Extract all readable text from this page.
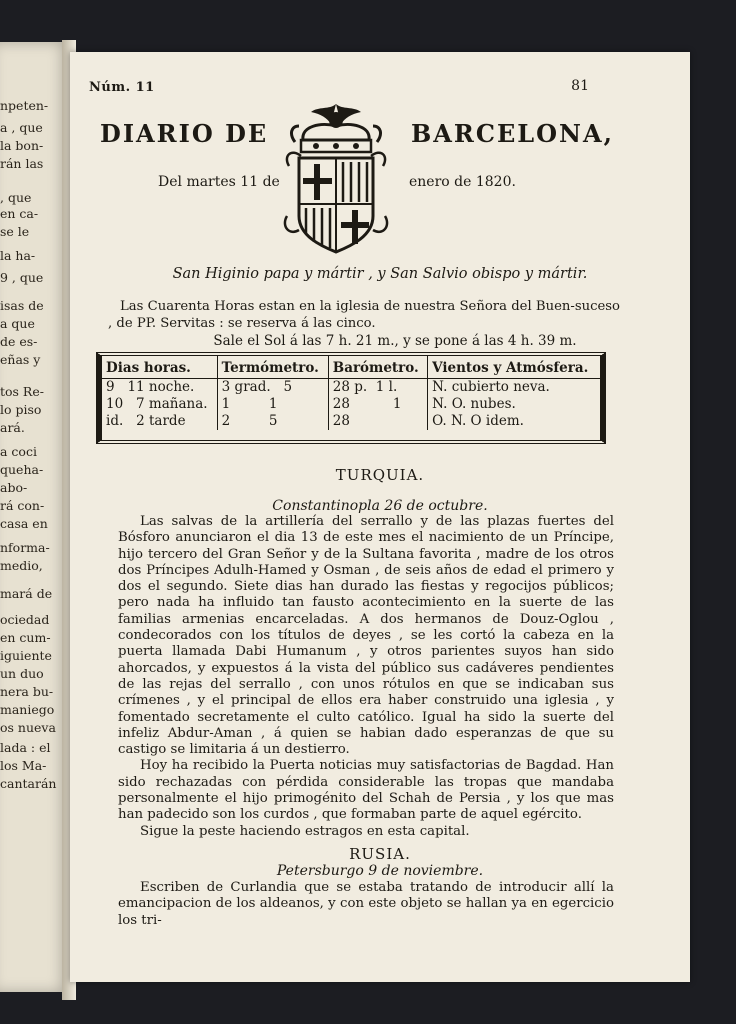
npeten-
a , que
la bon-
rán las
, que
en ca-
se le
la ha-
9 , que
isas de
a que
de es-
eñas y
tos Re-
lo piso
ará.
a coci
queha-
abo-
rá con-
casa en
nforma-
medio,
mará de
ociedad
en cum-
iguiente
un duo
nera bu-
maniego
os nueva
lada : el
los Ma-
cantarán
Núm. 11	81
DIARIO DE	BARCELONA,
Del martes 11 de	enero de 1820.
San Higinio papa y mártir , y San Salvio obispo y mártir.
Las Cuarenta Horas estan en la iglesia de nuestra Señora del Buen-suceso , de PP. Servitas : se reserva á las cinco.
Sale el Sol á las 7 h. 21 m., y se pone á las 4 h. 39 m.
Dias horas.	Termómetro.	Barómetro.	Vientos y Atmósfera.
9   11 noche.	3 grad.   5	28 p.  1 l.	N. cubierto neva.
10   7 mañana.	1         1	28          1	N. O. nubes.
id.   2 tarde	2         5	28	O. N. O idem.
TURQUIA.
Constantinopla 26 de octubre.

Las salvas de la artillería del serrallo y de las plazas fuertes del Bósforo anunciaron el dia 13 de este mes el nacimiento de un Príncipe, hijo tercero del Gran Señor y de la Sultana favorita , madre de los otros dos Príncipes Adulh-Hamed y Osman , de seis años de edad el primero y dos el segundo. Siete dias han durado las fiestas y regocijos públicos; pero nada ha influido tan fausto acontecimiento en la suerte de las familias armenias encarceladas. A dos hermanos de Douz-Oglou , condecorados con los títulos de deyes , se les cortó la cabeza en la puerta llamada Dabi Humanum , y otros parientes suyos han sido ahorcados, y expuestos á la vista del público sus cadáveres pendientes de las rejas del serrallo , con unos rótulos en que se indicaban sus crímenes , y el principal de ellos era haber construido una iglesia , y fomentado secretamente el culto católico. Igual ha sido la suerte del infeliz Abdur-Aman , á quien se habian dado esperanzas de que su castigo se limitaria á un destierro.

Hoy ha recibido la Puerta noticias muy satisfactorias de Bagdad. Han sido rechazadas con pérdida considerable las tropas que mandaba personalmente el hijo primogénito del Schah de Persia , y los que mas han padecido son los curdos , que formaban parte de aquel egército.

Sigue la peste haciendo estragos en esta capital.

RUSIA.
Petersburgo 9 de noviembre.

Escriben de Curlandia que se estaba tratando de introducir allí la emancipacion de los aldeanos, y con este objeto se hallan ya en egercicio los tri-
